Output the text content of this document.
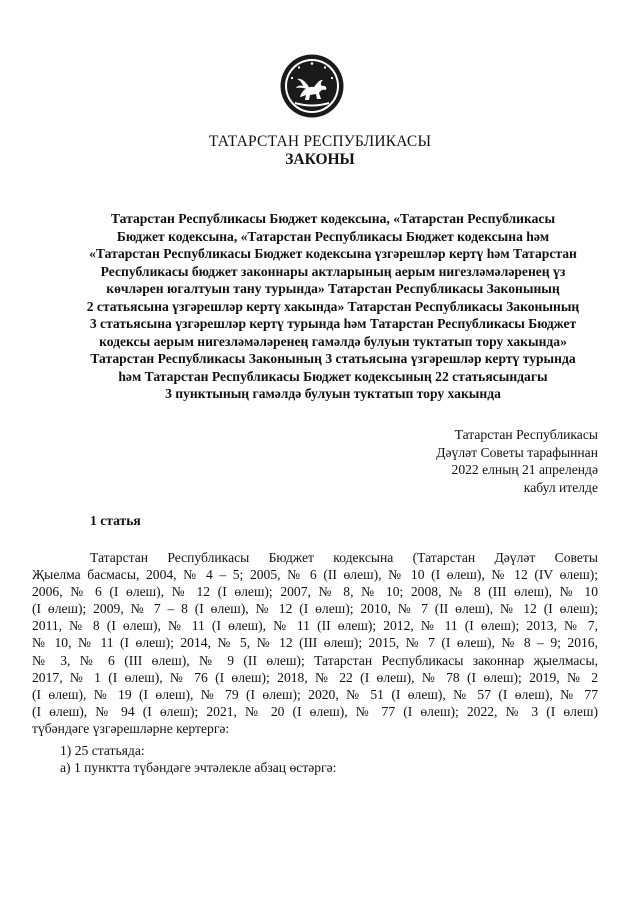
ТАТАРСТАН РЕСПУБЛИКАСЫ
ЗАКОНЫ
Татарстан Республикасы Бюджет кодексына, «Татарстан Республикасы
Бюджет кодексына, «Татарстан Республикасы Бюджет кодексына һәм
«Татарстан Республикасы Бюджет кодексына үзгәрешләр кертү һәм Татарстан
Республикасы бюджет законнары актларының аерым нигезләмәләренең үз
көчләрен югалтуын тану турында» Татарстан Республикасы Законының
2 статьясына үзгәрешләр кертү хакында» Татарстан Республикасы Законының
3 статьясына үзгәрешләр кертү турында һәм Татарстан Республикасы Бюджет
кодексы аерым нигезләмәләренең гамәлдә булуын туктатып тору хакында»
Татарстан Республикасы Законының 3 статьясына үзгәрешләр кертү турында
һәм Татарстан Республикасы Бюджет кодексының 22 статьясындагы
3 пунктының гамәлдә булуын туктатып тору хакында
Татарстан Республикасы
Дәүләт Советы тарафыннан
2022 елның 21 апрелендә
кабул ителде
1 статья
Татарстан Республикасы Бюджет кодексына (Татарстан Дәүләт Советы
Җыелма басмасы, 2004, № 4 – 5; 2005, № 6 (II өлеш), № 10 (I өлеш), № 12 (IV өлеш);
2006, № 6 (I өлеш), № 12 (I өлеш); 2007, № 8, № 10; 2008, № 8 (III өлеш), № 10
(I өлеш); 2009, № 7 – 8 (I өлеш), № 12 (I өлеш); 2010, № 7 (II өлеш), № 12 (I өлеш);
2011, № 8 (I өлеш), № 11 (I өлеш), № 11 (II өлеш); 2012, № 11 (I өлеш); 2013, № 7,
№ 10, № 11 (I өлеш); 2014, № 5, № 12 (III өлеш); 2015, № 7 (I өлеш), № 8 – 9; 2016,
№ 3, № 6 (III өлеш), № 9 (II өлеш); Татарстан Республикасы законнар җыелмасы,
2017, № 1 (I өлеш), № 76 (I өлеш); 2018, № 22 (I өлеш), № 78 (I өлеш); 2019, № 2
(I өлеш), № 19 (I өлеш), № 79 (I өлеш); 2020, № 51 (I өлеш), № 57 (I өлеш), № 77
(I өлеш), № 94 (I өлеш); 2021, № 20 (I өлеш), № 77 (I өлеш); 2022, № 3 (I өлеш)
түбәндәге үзгәрешләрне кертергә:
1) 25 статьяда:
а) 1 пунктта түбәндәге эчтәлекле абзац өстәргә:
